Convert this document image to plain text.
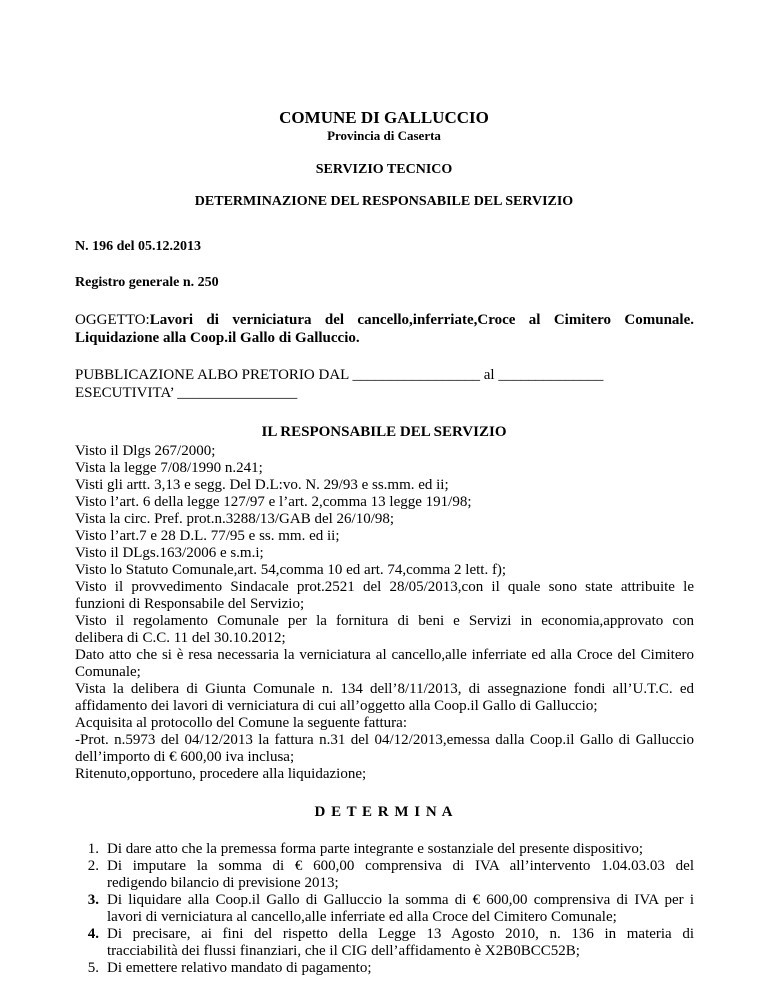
COMUNE DI GALLUCCIO
Provincia di Caserta
SERVIZIO TECNICO
DETERMINAZIONE DEL RESPONSABILE DEL SERVIZIO
N. 196 del 05.12.2013
Registro generale n. 250
OGGETTO:Lavori di verniciatura del cancello,inferriate,Croce al Cimitero Comunale.
Liquidazione alla Coop.il Gallo di Galluccio.
PUBBLICAZIONE ALBO PRETORIO DAL _________________ al ______________
ESECUTIVITA’ ________________
IL RESPONSABILE DEL SERVIZIO
Visto il Dlgs 267/2000;
Vista la legge 7/08/1990 n.241;
Visti gli artt. 3,13 e segg. Del D.L:vo. N. 29/93 e ss.mm. ed ii;
Visto l’art. 6 della legge 127/97 e l’art. 2,comma 13 legge 191/98;
Vista la circ. Pref. prot.n.3288/13/GAB del 26/10/98;
Visto l’art.7 e 28 D.L. 77/95 e ss. mm. ed ii;
Visto il DLgs.163/2006 e s.m.i;
Visto lo Statuto Comunale,art. 54,comma 10 ed art. 74,comma 2 lett. f);
Visto il provvedimento Sindacale prot.2521 del 28/05/2013,con il quale sono state attribuite le
funzioni di Responsabile del Servizio;
Visto il regolamento Comunale per la fornitura di beni e Servizi in economia,approvato con
delibera di C.C. 11 del 30.10.2012;
Dato atto che si è resa necessaria la verniciatura al cancello,alle inferriate ed alla Croce del Cimitero
Comunale;
Vista la delibera di Giunta Comunale n. 134 dell’8/11/2013, di assegnazione fondi all’U.T.C. ed
affidamento dei lavori di verniciatura di cui all’oggetto alla Coop.il Gallo di Galluccio;
Acquisita al protocollo del Comune la seguente fattura:
-Prot. n.5973 del 04/12/2013 la fattura n.31 del 04/12/2013,emessa dalla Coop.il Gallo di Galluccio
dell’importo di € 600,00 iva inclusa;
Ritenuto,opportuno, procedere alla liquidazione;
D E T E R M I N A
1. Di dare atto che la premessa forma parte integrante e sostanziale del presente dispositivo;
2. Di imputare la somma di € 600,00 comprensiva di IVA all’intervento 1.04.03.03 del
redigendo bilancio di previsione 2013;
3. Di liquidare alla Coop.il Gallo di Galluccio la somma di € 600,00 comprensiva di IVA per i
lavori di verniciatura al cancello,alle inferriate ed alla Croce del Cimitero Comunale;
4. Di precisare, ai fini del rispetto della Legge 13 Agosto 2010, n. 136 in materia di
tracciabilità dei flussi finanziari, che il CIG dell’affidamento è X2B0BCC52B;
5. Di emettere relativo mandato di pagamento;
